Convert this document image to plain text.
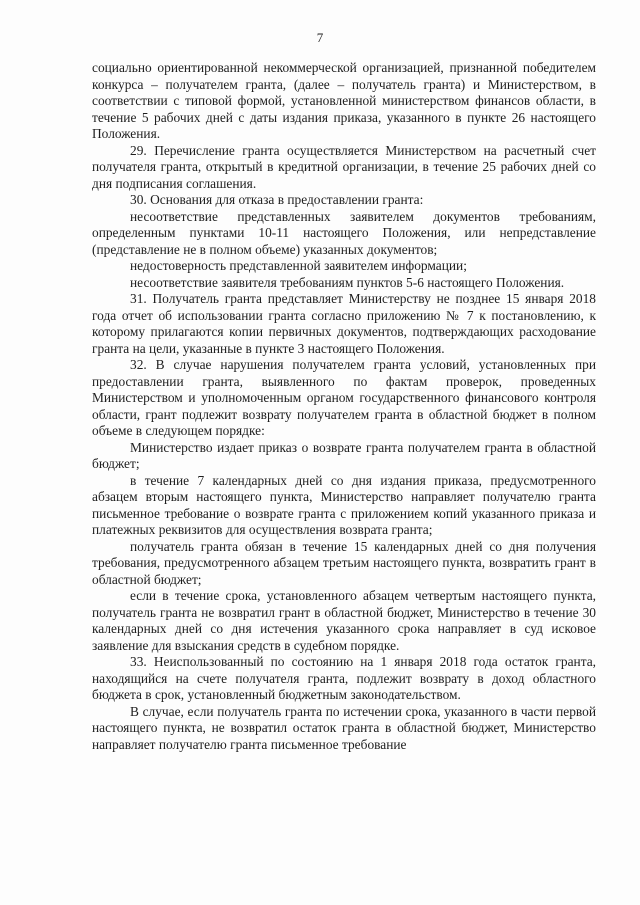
7

социально ориентированной некоммерческой организацией, признанной победителем конкурса – получателем гранта, (далее – получатель гранта) и Министерством, в соответствии с типовой формой, установленной министерством финансов области, в течение 5 рабочих дней с даты издания приказа, указанного в пункте 26 настоящего Положения.

29. Перечисление гранта осуществляется Министерством на расчетный счет получателя гранта, открытый в кредитной организации, в течение 25 рабочих дней со дня подписания соглашения.

30. Основания для отказа в предоставлении гранта:

несоответствие представленных заявителем документов требованиям, определенным пунктами 10-11 настоящего Положения, или непредставление (представление не в полном объеме) указанных документов;

недостоверность представленной заявителем информации;

несоответствие заявителя требованиям пунктов 5-6 настоящего Положения.

31. Получатель гранта представляет Министерству не позднее 15 января 2018 года отчет об использовании гранта согласно приложению № 7 к постановлению, к которому прилагаются копии первичных документов, подтверждающих расходование гранта на цели, указанные в пункте 3 настоящего Положения.

32. В случае нарушения получателем гранта условий, установленных при предоставлении гранта, выявленного по фактам проверок, проведенных Министерством и уполномоченным органом государственного финансового контроля области, грант подлежит возврату получателем гранта в областной бюджет в полном объеме в следующем порядке:

Министерство издает приказ о возврате гранта получателем гранта в областной бюджет;

в течение 7 календарных дней со дня издания приказа, предусмотренного абзацем вторым настоящего пункта, Министерство направляет получателю гранта письменное требование о возврате гранта с приложением копий указанного приказа и платежных реквизитов для осуществления возврата гранта;

получатель гранта обязан в течение 15 календарных дней со дня получения требования, предусмотренного абзацем третьим настоящего пункта, возвратить грант в областной бюджет;

если в течение срока, установленного абзацем четвертым настоящего пункта, получатель гранта не возвратил грант в областной бюджет, Министерство в течение 30 календарных дней со дня истечения указанного срока направляет в суд исковое заявление для взыскания средств в судебном порядке.

33. Неиспользованный по состоянию на 1 января 2018 года остаток гранта, находящийся на счете получателя гранта, подлежит возврату в доход областного бюджета в срок, установленный бюджетным законодательством.

В случае, если получатель гранта по истечении срока, указанного в части первой настоящего пункта, не возвратил остаток гранта в областной бюджет, Министерство направляет получателю гранта письменное требование
